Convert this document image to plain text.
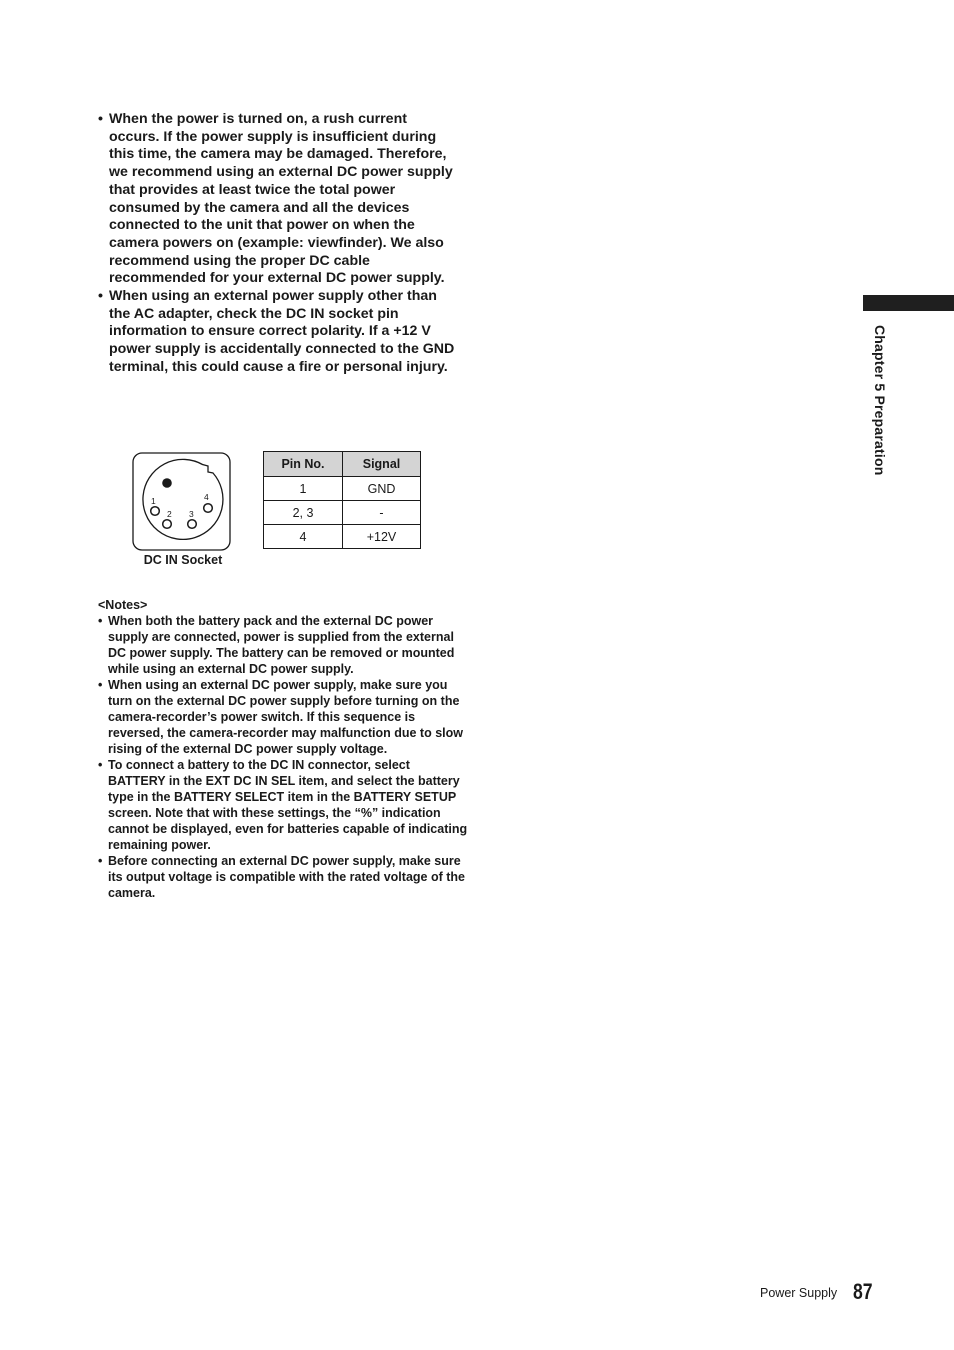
• When the power is turned on, a rush current occurs. If the power supply is insufficient during this time, the camera may be damaged. Therefore, we recommend using an external DC power supply that provides at least twice the total power consumed by the camera and all the devices connected to the unit that power on when the camera powers on (example: viewfinder). We also recommend using the proper DC cable recommended for your external DC power supply.
• When using an external power supply other than the AC adapter, check the DC IN socket pin information to ensure correct polarity. If a +12 V power supply is accidentally connected to the GND terminal, this could cause a fire or personal injury.
1
2 3
4
DC IN Socket
Pin No.	Signal
1	GND
2, 3	-
4	+12V

<Notes>

• When both the battery pack and the external DC power supply are connected, power is supplied from the external DC power supply. The battery can be removed or mounted while using an external DC power supply.
• When using an external DC power supply, make sure you turn on the external DC power supply before turning on the camera-recorder’s power switch. If this sequence is reversed, the camera-recorder may malfunction due to slow rising of the external DC power supply voltage.
• To connect a battery to the DC IN connector, select BATTERY in the EXT DC IN SEL item, and select the battery type in the BATTERY SELECT item in the BATTERY SETUP screen. Note that with these settings, the “%” indication cannot be displayed, even for batteries capable of indicating remaining power.
• Before connecting an external DC power supply, make sure its output voltage is compatible with the rated voltage of the camera.
Chapter 5 Preparation
Power Supply 87
